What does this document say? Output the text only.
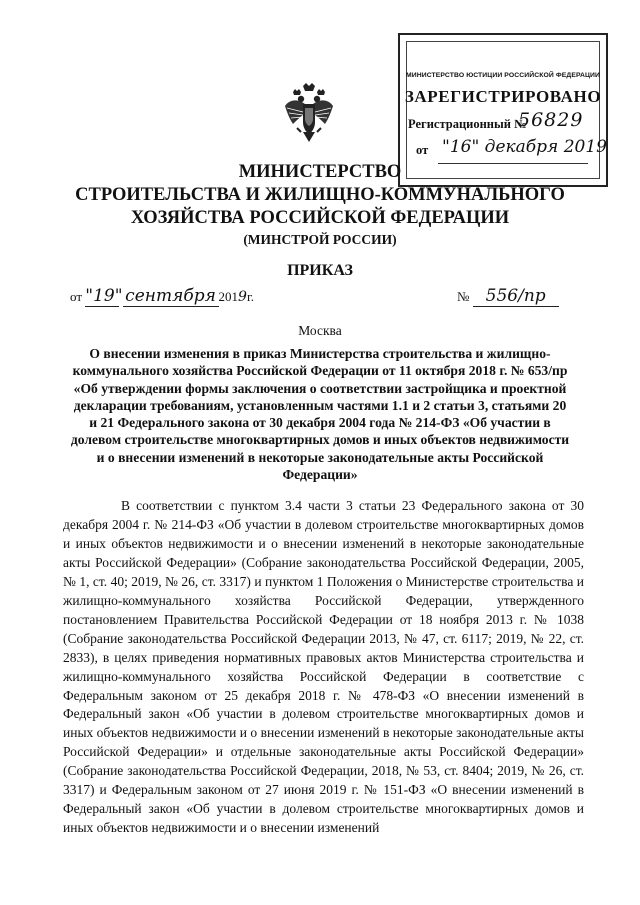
МИНИСТЕРСТВО ЮСТИЦИИ РОССИЙСКОЙ ФЕДЕРАЦИИ
ЗАРЕГИСТРИРОВАНО
Регистрационный №
56829
от "16" декабря 2019
МИНИСТЕРСТВО
СТРОИТЕЛЬСТВА И ЖИЛИЩНО-КОММУНАЛЬНОГО
ХОЗЯЙСТВА РОССИЙСКОЙ ФЕДЕРАЦИИ
(МИНСТРОЙ РОССИИ)
ПРИКАЗ
от "19" сентября 2019г.	№ 556/пр
Москва
О внесении изменения в приказ Министерства строительства и жилищно-коммунального хозяйства Российской Федерации от 11 октября 2018 г. № 653/пр «Об утверждении формы заключения о соответствии застройщика и проектной декларации требованиям, установленным частями 1.1 и 2 статьи 3, статьями 20 и 21 Федерального закона от 30 декабря 2004 года № 214-ФЗ «Об участии в долевом строительстве многоквартирных домов и иных объектов недвижимости и о внесении изменений в некоторые законодательные акты Российской Федерации»

В соответствии с пунктом 3.4 части 3 статьи 23 Федерального закона от 30 декабря 2004 г. № 214-ФЗ «Об участии в долевом строительстве многоквартирных домов и иных объектов недвижимости и о внесении изменений в некоторые законодательные акты Российской Федерации» (Собрание законодательства Российской Федерации, 2005, № 1, ст. 40; 2019, № 26, ст. 3317) и пунктом 1 Положения о Министерстве строительства и жилищно-коммунального хозяйства Российской Федерации, утвержденного постановлением Правительства Российской Федерации от 18 ноября 2013 г. № 1038 (Собрание законодательства Российской Федерации 2013, № 47, ст. 6117; 2019, № 22, ст. 2833), в целях приведения нормативных правовых актов Министерства строительства и жилищно-коммунального хозяйства Российской Федерации в соответствие с Федеральным законом от 25 декабря 2018 г. № 478-ФЗ «О внесении изменений в Федеральный закон «Об участии в долевом строительстве многоквартирных домов и иных объектов недвижимости и о внесении изменений в некоторые законодательные акты Российской Федерации» и отдельные законодательные акты Российской Федерации» (Собрание законодательства Российской Федерации, 2018, № 53, ст. 8404; 2019, № 26, ст. 3317) и Федеральным законом от 27 июня 2019 г. № 151-ФЗ «О внесении изменений в Федеральный закон «Об участии в долевом строительстве многоквартирных домов и иных объектов недвижимости и о внесении изменений
